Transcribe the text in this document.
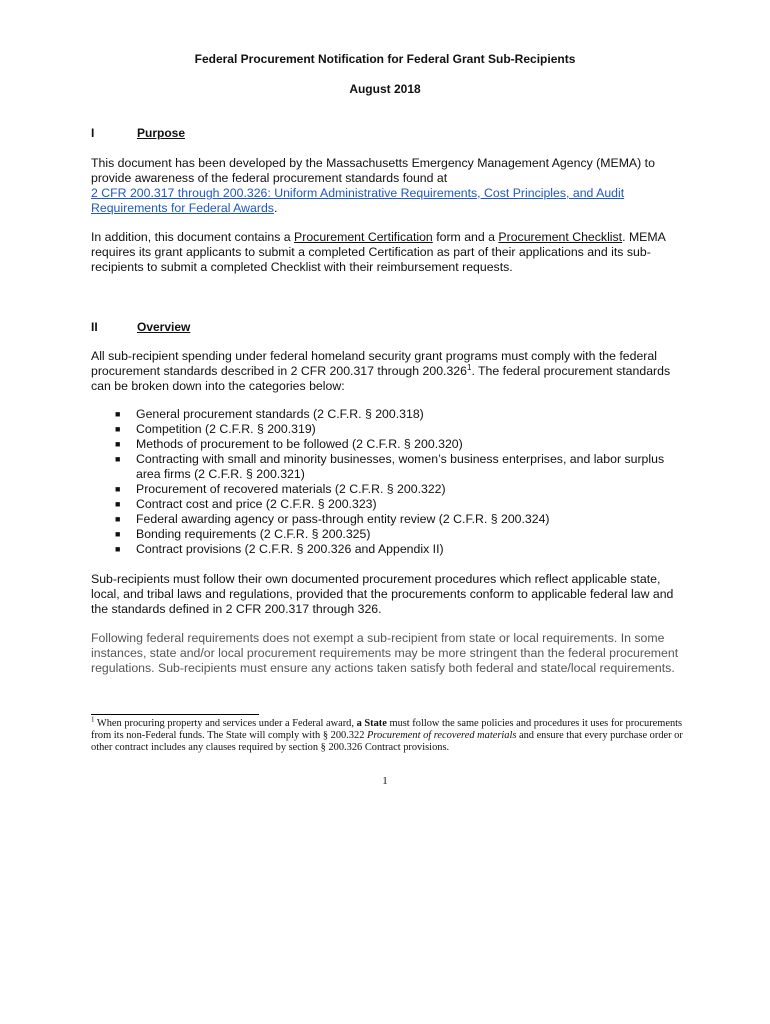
Federal Procurement Notification for Federal Grant Sub-Recipients
August 2018
I	Purpose
This document has been developed by the Massachusetts Emergency Management Agency (MEMA) to provide awareness of the federal procurement standards found at
2 CFR 200.317 through 200.326: Uniform Administrative Requirements, Cost Principles, and Audit Requirements for Federal Awards.
In addition, this document contains a Procurement Certification form and a Procurement Checklist. MEMA requires its grant applicants to submit a completed Certification as part of their applications and its sub-recipients to submit a completed Checklist with their reimbursement requests.
II	Overview
All sub-recipient spending under federal homeland security grant programs must comply with the federal procurement standards described in 2 CFR 200.317 through 200.326$^1$. The federal procurement standards can be broken down into the categories below:
■ General procurement standards (2 C.F.R. § 200.318)
■ Competition (2 C.F.R. § 200.319)
■ Methods of procurement to be followed (2 C.F.R. § 200.320)
■ Contracting with small and minority businesses, women’s business enterprises, and labor surplus area firms (2 C.F.R. § 200.321)
■ Procurement of recovered materials (2 C.F.R. § 200.322)
■ Contract cost and price (2 C.F.R. § 200.323)
■ Federal awarding agency or pass-through entity review (2 C.F.R. § 200.324)
■ Bonding requirements (2 C.F.R. § 200.325)
■ Contract provisions (2 C.F.R. § 200.326 and Appendix II)
Sub-recipients must follow their own documented procurement procedures which reflect applicable state, local, and tribal laws and regulations, provided that the procurements conform to applicable federal law and the standards defined in 2 CFR 200.317 through 326.
Following federal requirements does not exempt a sub-recipient from state or local requirements. In some instances, state and/or local procurement requirements may be more stringent than the federal procurement regulations. Sub-recipients must ensure any actions taken satisfy both federal and state/local requirements.
$^1$ When procuring property and services under a Federal award, a State must follow the same policies and procedures it uses for procurements from its non-Federal funds. The State will comply with § 200.322 Procurement of recovered materials and ensure that every purchase order or other contract includes any clauses required by section § 200.326 Contract provisions.
1
